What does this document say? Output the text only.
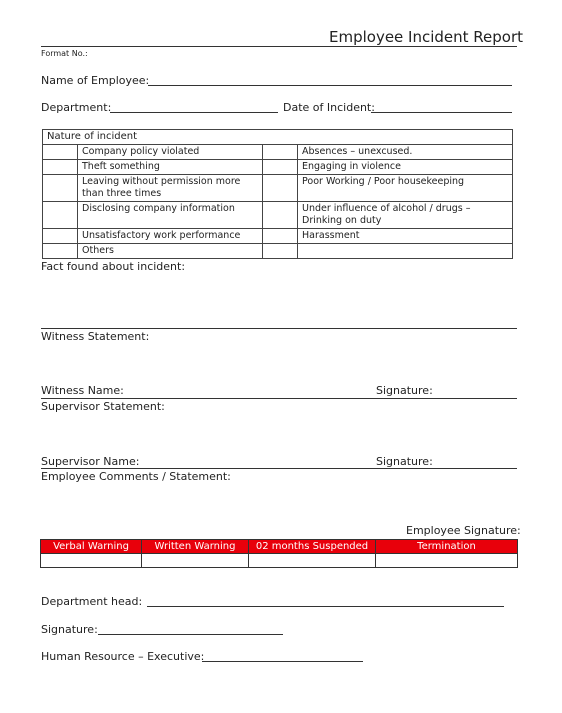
Employee Incident Report
Format No.:
Name of Employee:
Department:	Date of Incident:
Nature of incident			
	Company policy violated		Absences – unexcused.
	Theft something		Engaging in violence
	Leaving without permission more than three times		Poor Working / Poor housekeeping
	Disclosing company information		Under influence of alcohol / drugs – Drinking on duty
	Unsatisfactory work performance		Harassment
	Others		
Fact found about incident:
Witness Statement:
Witness Name:	Signature:
Supervisor Statement:
Supervisor Name:	Signature:
Employee Comments / Statement:
Employee Signature:
Verbal Warning	Written Warning	02 months Suspended	Termination

Department head:
Signature:
Human Resource – Executive:
